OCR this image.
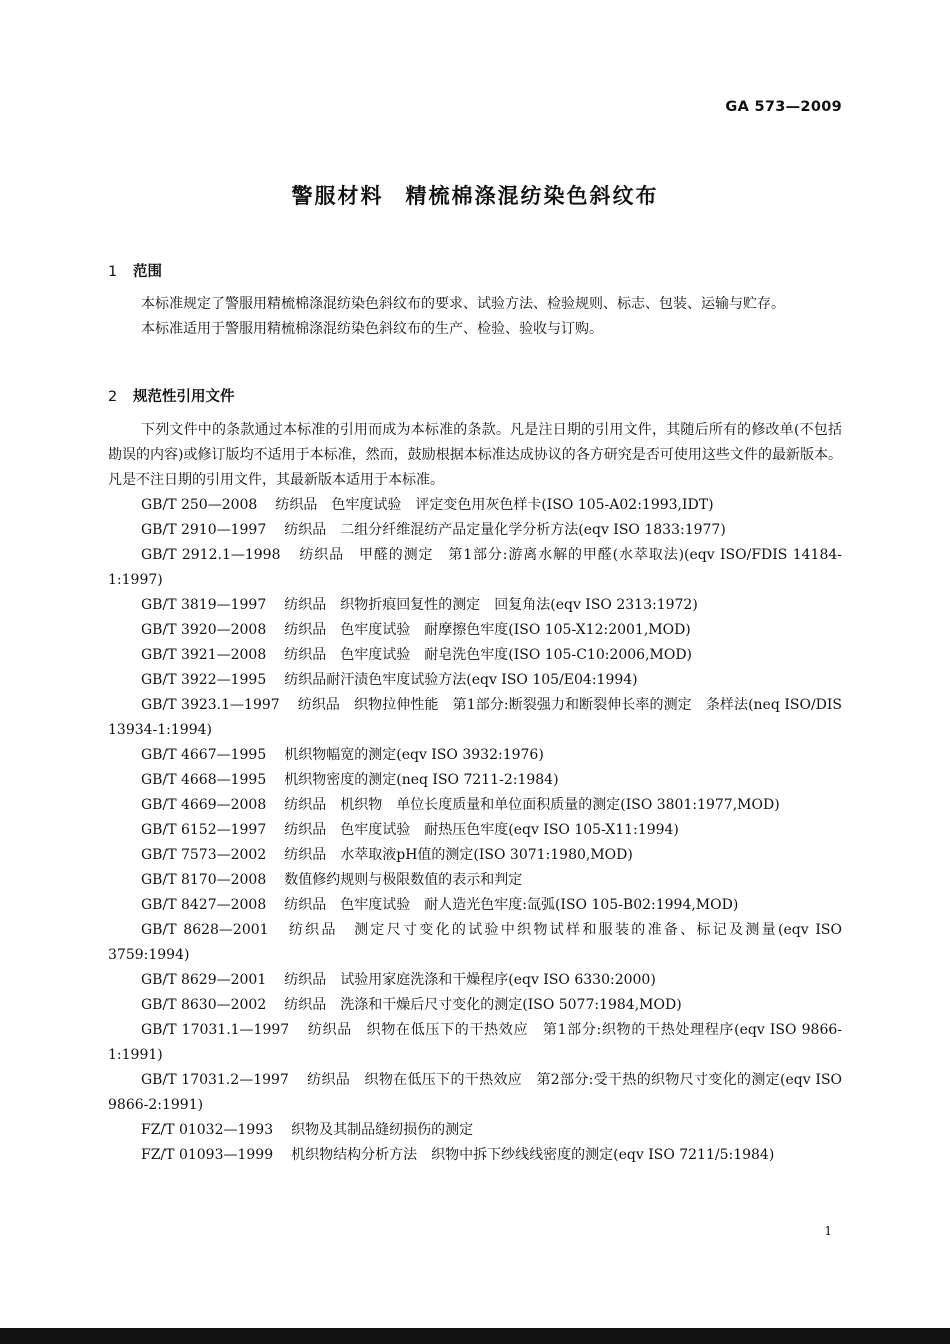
GA 573—2009
警服材料 精梳棉涤混纺染色斜纹布
1 范围

本标准规定了警服用精梳棉涤混纺染色斜纹布的要求、试验方法、检验规则、标志、包装、运输与贮存。

本标准适用于警服用精梳棉涤混纺染色斜纹布的生产、检验、验收与订购。

2 规范性引用文件

下列文件中的条款通过本标准的引用而成为本标准的条款。凡是注日期的引用文件，其随后所有的修改单(不包括勘误的内容)或修订版均不适用于本标准，然而，鼓励根据本标准达成协议的各方研究是否可使用这些文件的最新版本。凡是不注日期的引用文件，其最新版本适用于本标准。

GB/T 250—2008 纺织品　色牢度试验　评定变色用灰色样卡(ISO 105-A02:1993,IDT)

GB/T 2910—1997 纺织品　二组分纤维混纺产品定量化学分析方法(eqv ISO 1833:1977)

GB/T 2912.1—1998 纺织品　甲醛的测定　第1部分:游离水解的甲醛(水萃取法)(eqv ISO/FDIS 14184-1:1997)

GB/T 3819—1997 纺织品　织物折痕回复性的测定　回复角法(eqv ISO 2313:1972)

GB/T 3920—2008 纺织品　色牢度试验　耐摩擦色牢度(ISO 105-X12:2001,MOD)

GB/T 3921—2008 纺织品　色牢度试验　耐皂洗色牢度(ISO 105-C10:2006,MOD)

GB/T 3922—1995 纺织品耐汗渍色牢度试验方法(eqv ISO 105/E04:1994)

GB/T 3923.1—1997 纺织品　织物拉伸性能　第1部分:断裂强力和断裂伸长率的测定　条样法(neq ISO/DIS 13934-1:1994)

GB/T 4667—1995 机织物幅宽的测定(eqv ISO 3932:1976)

GB/T 4668—1995 机织物密度的测定(neq ISO 7211-2:1984)

GB/T 4669—2008 纺织品　机织物　单位长度质量和单位面积质量的测定(ISO 3801:1977,MOD)

GB/T 6152—1997 纺织品　色牢度试验　耐热压色牢度(eqv ISO 105-X11:1994)

GB/T 7573—2002 纺织品　水萃取液pH值的测定(ISO 3071:1980,MOD)

GB/T 8170—2008 数值修约规则与极限数值的表示和判定

GB/T 8427—2008 纺织品　色牢度试验　耐人造光色牢度:氙弧(ISO 105-B02:1994,MOD)

GB/T 8628—2001 纺织品　测定尺寸变化的试验中织物试样和服装的准备、标记及测量(eqv ISO 3759:1994)

GB/T 8629—2001 纺织品　试验用家庭洗涤和干燥程序(eqv ISO 6330:2000)

GB/T 8630—2002 纺织品　洗涤和干燥后尺寸变化的测定(ISO 5077:1984,MOD)

GB/T 17031.1—1997 纺织品　织物在低压下的干热效应　第1部分:织物的干热处理程序(eqv ISO 9866-1:1991)

GB/T 17031.2—1997 纺织品　织物在低压下的干热效应　第2部分:受干热的织物尺寸变化的测定(eqv ISO 9866-2:1991)

FZ/T 01032—1993 织物及其制品缝纫损伤的测定

FZ/T 01093—1999 机织物结构分析方法　织物中拆下纱线线密度的测定(eqv ISO 7211/5:1984)

1
